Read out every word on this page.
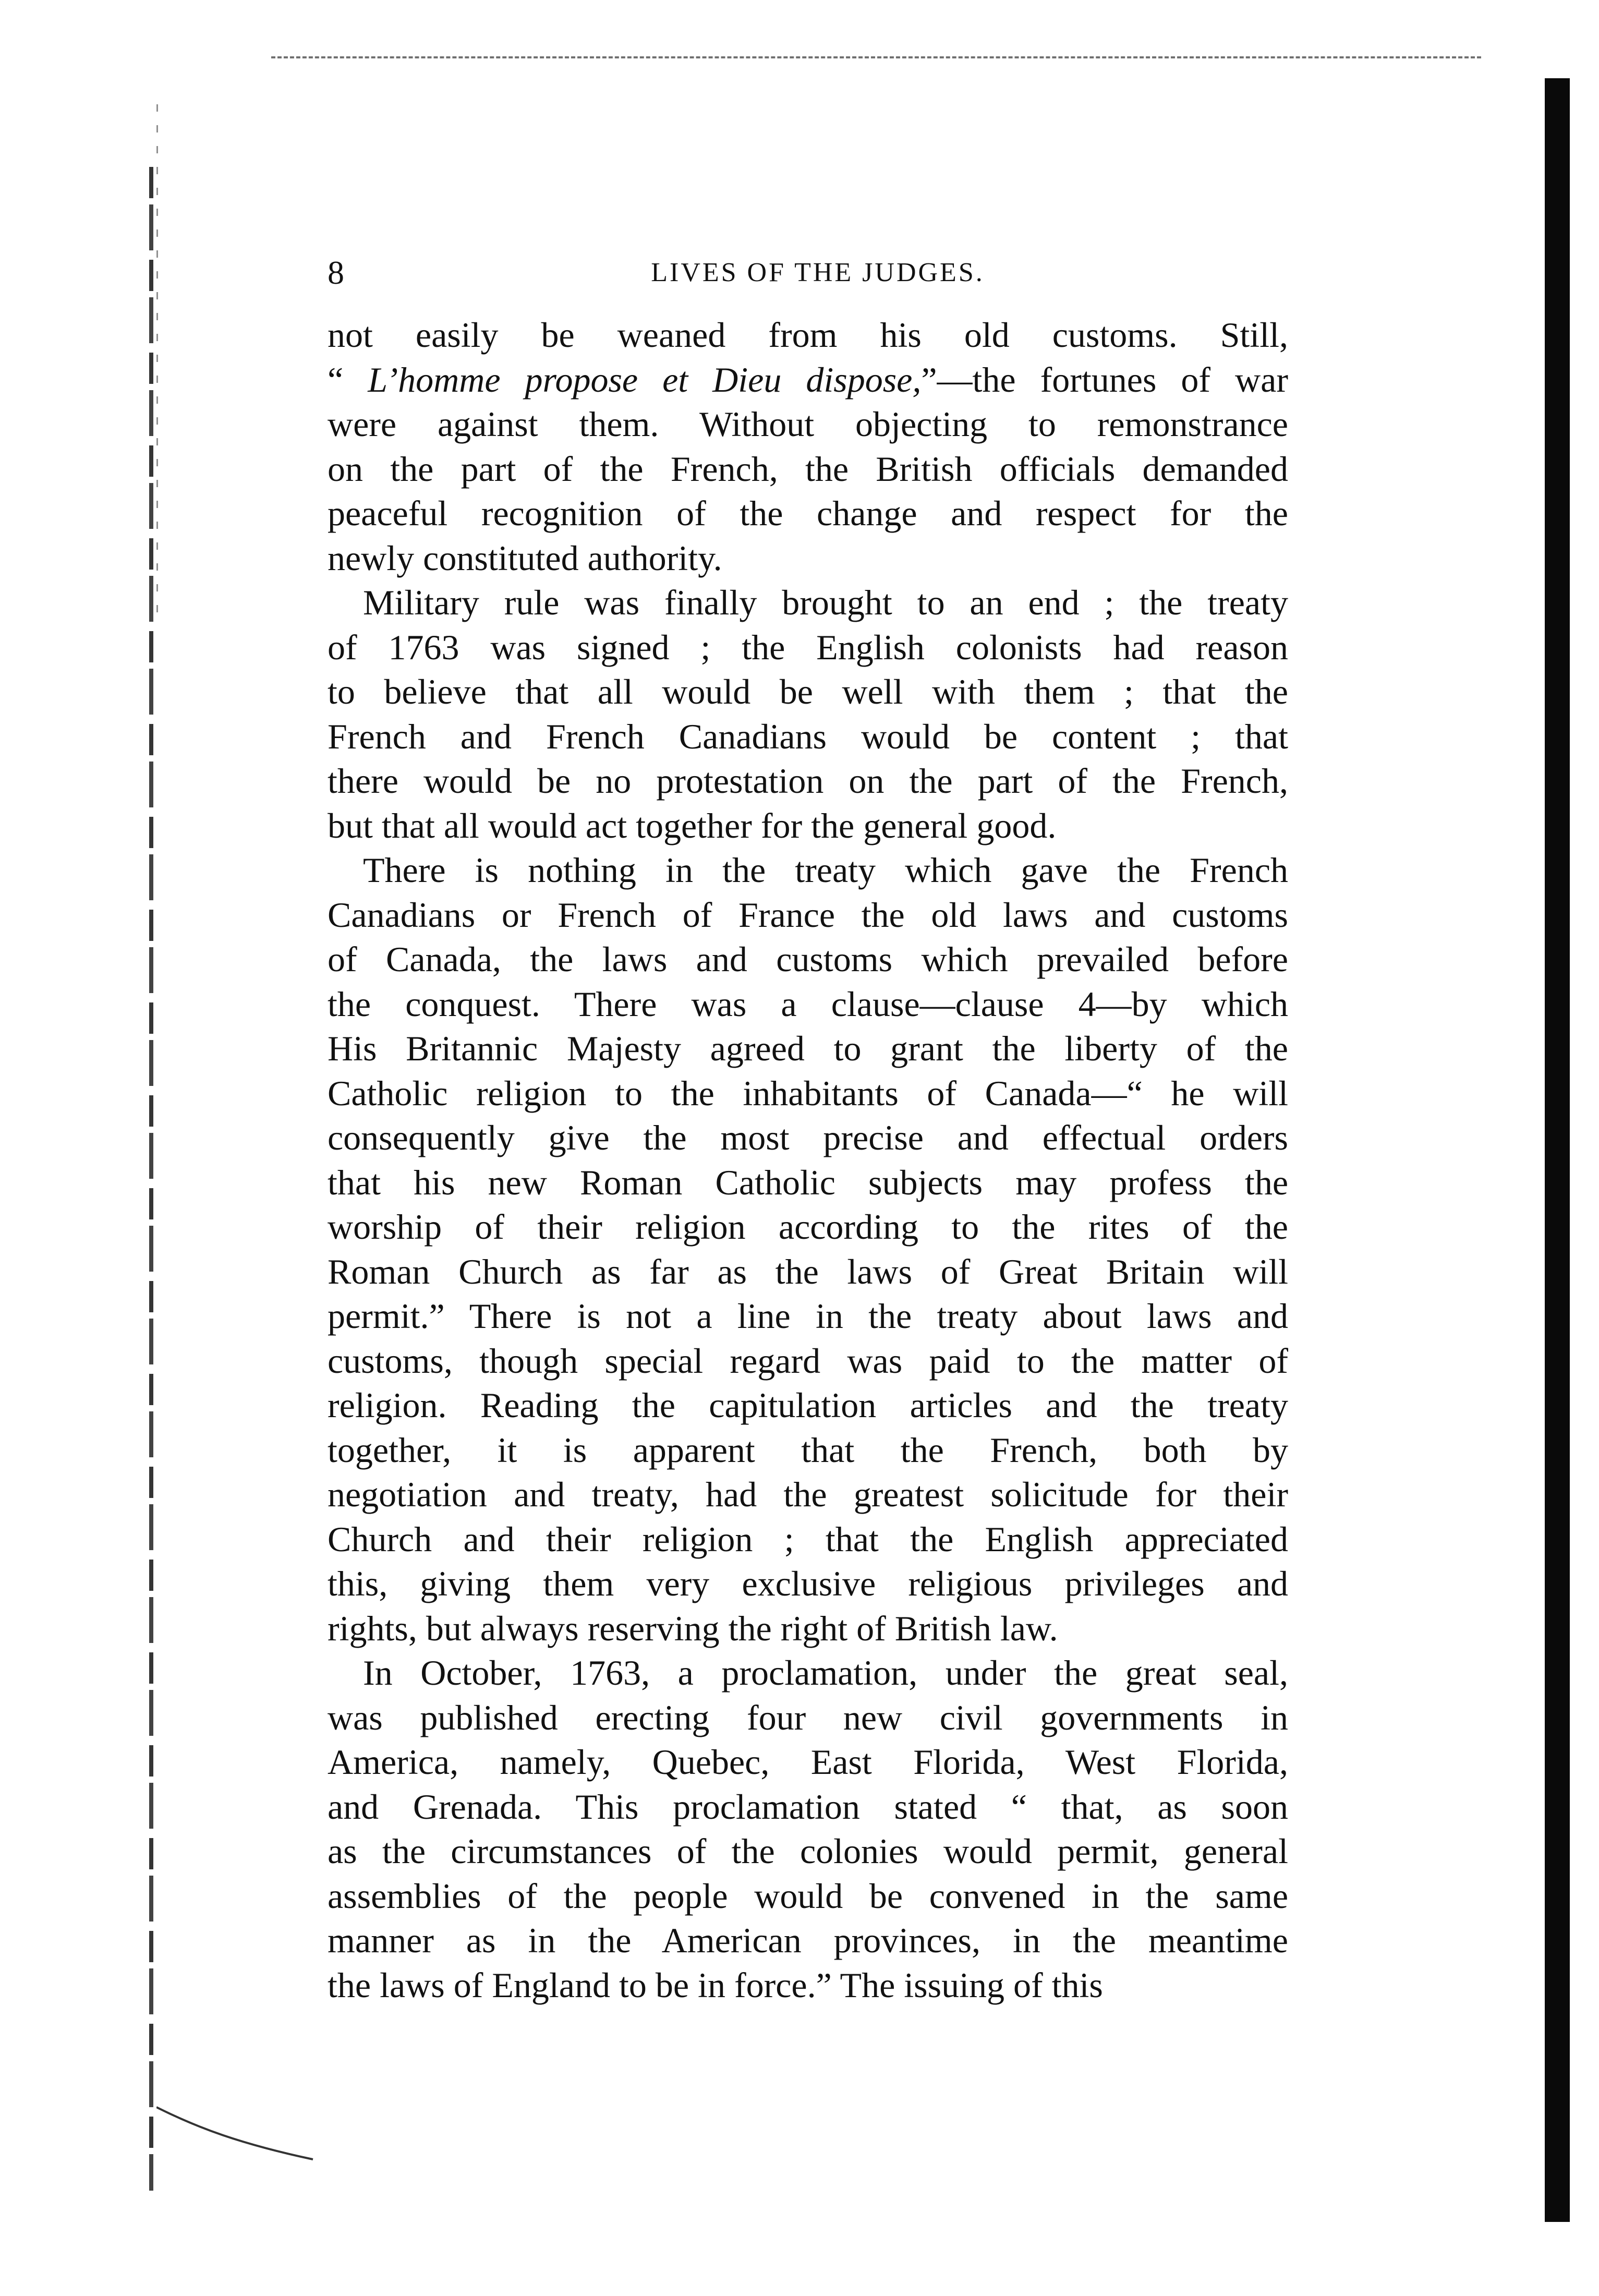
8	LIVES OF THE JUDGES.
not easily be weaned from his old customs. Still,
“ L’homme propose et Dieu dispose,”—the fortunes of war
were against them. Without objecting to remonstrance
on the part of the French, the British officials demanded
peaceful recognition of the change and respect for the
newly constituted authority.
Military rule was finally brought to an end ; the treaty
of 1763 was signed ; the English colonists had reason
to believe that all would be well with them ; that the
French and French Canadians would be content ; that
there would be no protestation on the part of the French,
but that all would act together for the general good.
There is nothing in the treaty which gave the French
Canadians or French of France the old laws and customs
of Canada, the laws and customs which prevailed before
the conquest. There was a clause—clause 4—by which
His Britannic Majesty agreed to grant the liberty of the
Catholic religion to the inhabitants of Canada—“ he will
consequently give the most precise and effectual orders
that his new Roman Catholic subjects may profess the
worship of their religion according to the rites of the
Roman Church as far as the laws of Great Britain will
permit.” There is not a line in the treaty about laws and
customs, though special regard was paid to the matter of
religion. Reading the capitulation articles and the treaty
together, it is apparent that the French, both by
negotiation and treaty, had the greatest solicitude for their
Church and their religion ; that the English appreciated
this, giving them very exclusive religious privileges and
rights, but always reserving the right of British law.
In October, 1763, a proclamation, under the great seal,
was published erecting four new civil governments in
America, namely, Quebec, East Florida, West Florida,
and Grenada. This proclamation stated “ that, as soon
as the circumstances of the colonies would permit, general
assemblies of the people would be convened in the same
manner as in the American provinces, in the meantime
the laws of England to be in force.” The issuing of this
